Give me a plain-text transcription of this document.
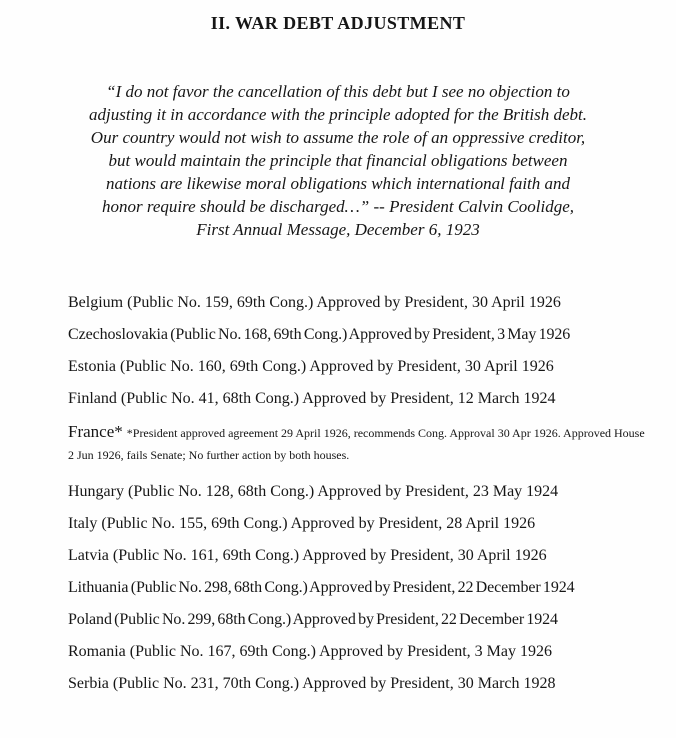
II. WAR DEBT ADJUSTMENT
“I do not favor the cancellation of this debt but I see no objection to
adjusting it in accordance with the principle adopted for the British debt.
Our country would not wish to assume the role of an oppressive creditor,
but would maintain the principle that financial obligations between
nations are likewise moral obligations which international faith and
honor require should be discharged…” -- President Calvin Coolidge,
First Annual Message, December 6, 1923
Belgium (Public No. 159, 69th Cong.) Approved by President, 30 April 1926
Czechoslovakia (Public No. 168, 69th Cong.) Approved by President, 3 May 1926
Estonia (Public No. 160, 69th Cong.) Approved by President, 30 April 1926
Finland (Public No. 41, 68th Cong.) Approved by President, 12 March 1924
France* *President approved agreement 29 April 1926, recommends Cong. Approval 30 Apr 1926. Approved House 2 Jun 1926, fails Senate; No further action by both houses.
Hungary (Public No. 128, 68th Cong.) Approved by President, 23 May 1924
Italy (Public No. 155, 69th Cong.) Approved by President, 28 April 1926
Latvia (Public No. 161, 69th Cong.) Approved by President, 30 April 1926
Lithuania (Public No. 298, 68th Cong.) Approved by President, 22 December 1924
Poland (Public No. 299, 68th Cong.) Approved by President, 22 December 1924
Romania (Public No. 167, 69th Cong.) Approved by President, 3 May 1926
Serbia (Public No. 231, 70th Cong.) Approved by President, 30 March 1928
